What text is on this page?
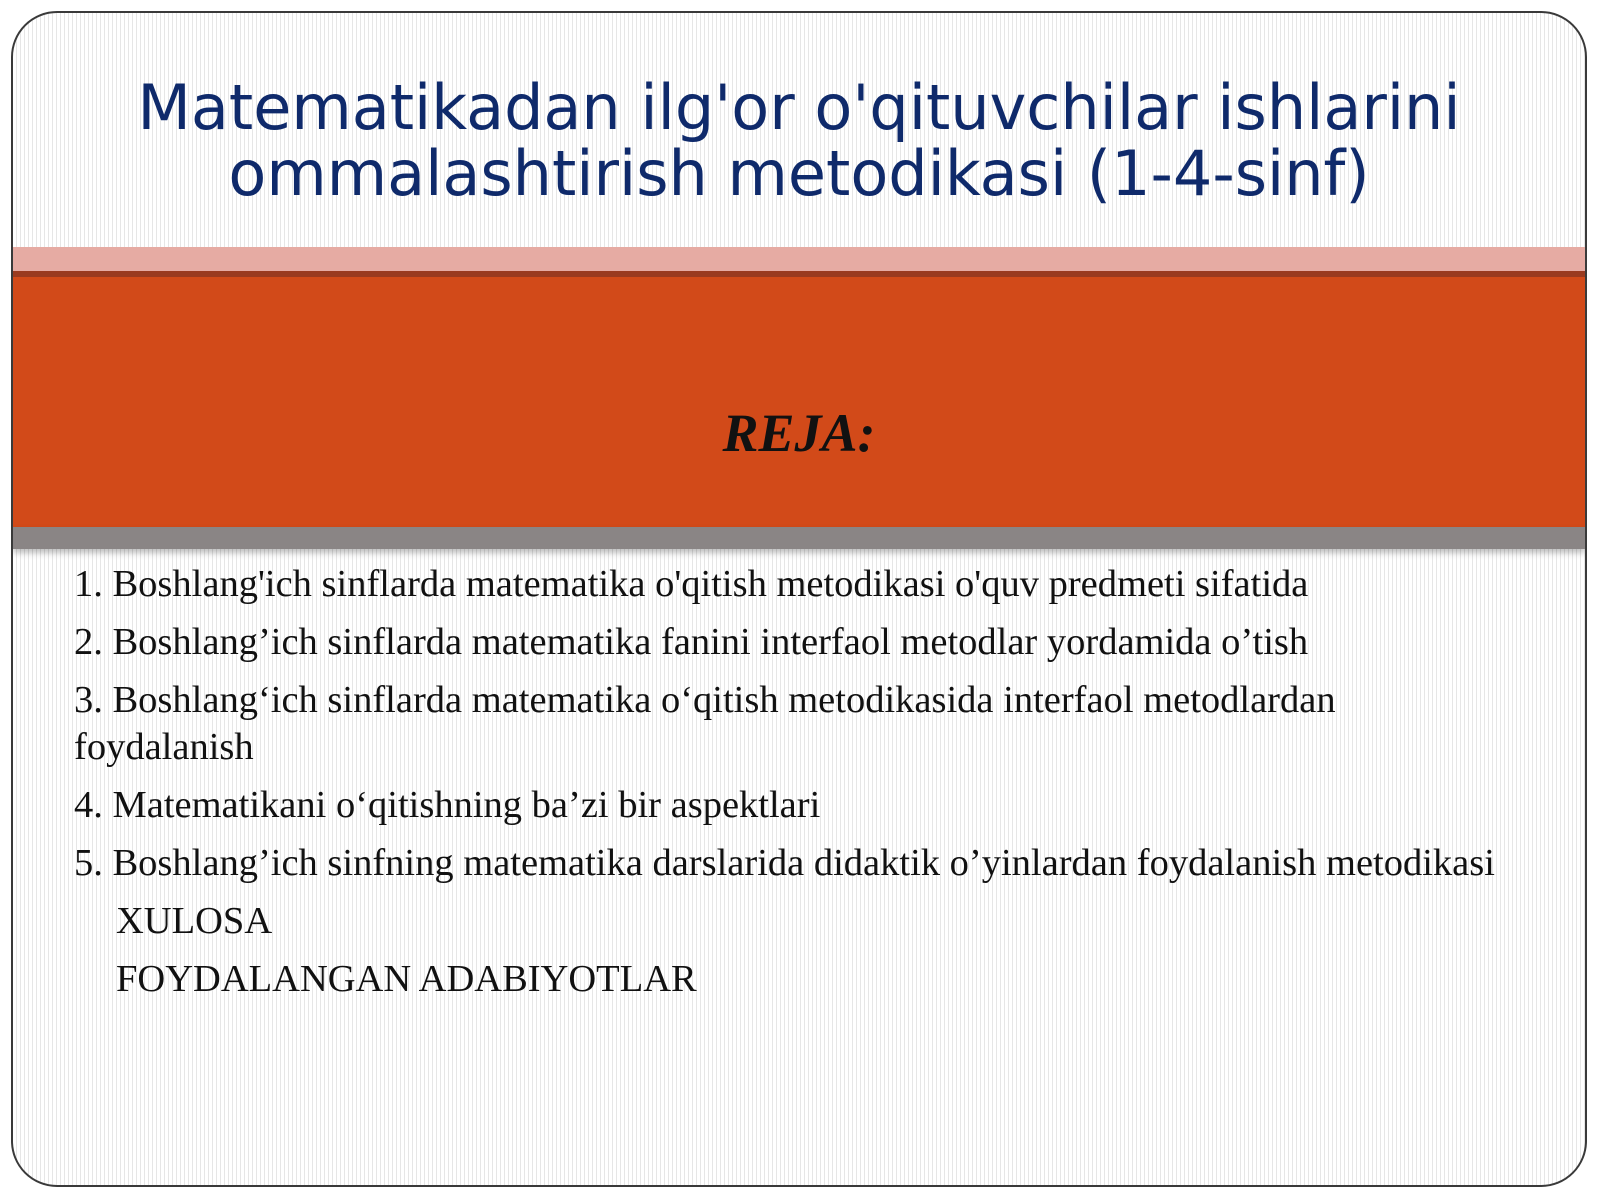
Matematikadan ilg'or o'qituvchilar ishlarini ommalashtirish metodikasi (1-4-sinf)
REJA:
1. Boshlang'ich sinflarda matematika o'qitish metodikasi o'quv predmeti sifatida
2. Boshlang’ich sinflarda matematika fanini interfaol metodlar yordamida o’tish
3. Boshlang‘ich sinflarda matematika o‘qitish metodikasida interfaol metodlardan foydalanish
4. Matematikani o‘qitishning ba’zi bir aspektlari
5. Boshlang’ich sinfning matematika darslarida didaktik o’yinlardan foydalanish metodikasi
XULOSA
FOYDALANGAN ADABIYOTLAR
